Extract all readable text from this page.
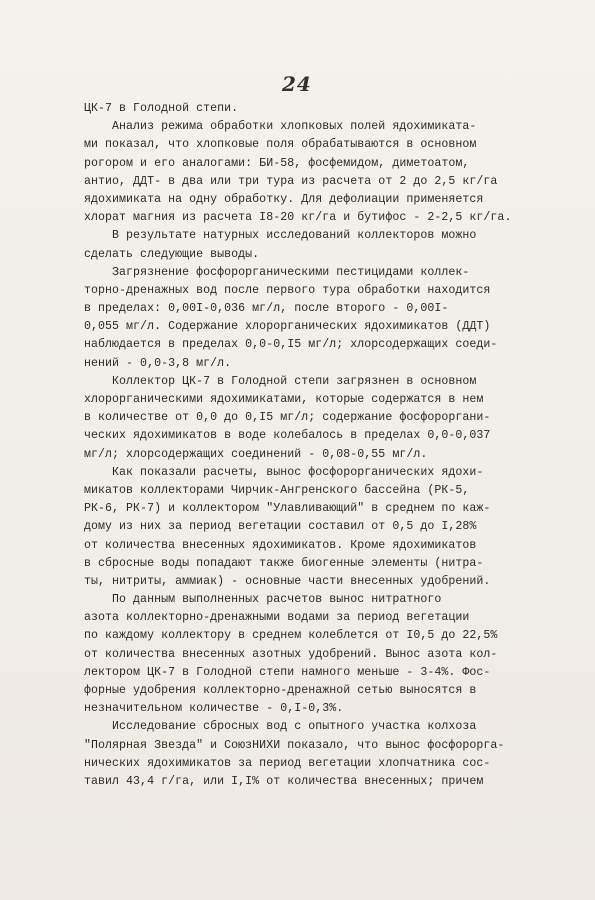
24
ЦК-7 в Голодной степи.
Анализ режима обработки хлопковых полей ядохимиката-
ми показал, что хлопковые поля обрабатываются в основном
рогором и его аналогами: БИ-58, фосфемидом, диметоатом,
антио, ДДТ- в два или три тура из расчета от 2 до 2,5 кг/га
ядохимиката на одну обработку. Для дефолиации применяется
хлорат магния из расчета I8-20 кг/га и бутифос - 2-2,5 кг/га.
В результате натурных исследований коллекторов можно
сделать следующие выводы.
Загрязнение фосфорорганическими пестицидами коллек-
торно-дренажных вод после первого тура обработки находится
в пределах: 0,00I-0,036 мг/л, после второго - 0,00I-
0,055 мг/л. Содержание хлорорганических ядохимикатов (ДДТ)
наблюдается в пределах 0,0-0,I5 мг/л; хлорсодержащих соеди-
нений - 0,0-3,8 мг/л.
Коллектор ЦК-7 в Голодной степи загрязнен в основном
хлорорганическими ядохимикатами, которые содержатся в нем
в количестве от 0,0 до 0,I5 мг/л; содержание фосфороргани-
ческих ядохимикатов в воде колебалось в пределах 0,0-0,037
мг/л; хлорсодержащих соединений - 0,08-0,55 мг/л.
Как показали расчеты, вынос фосфорорганических ядохи-
микатов коллекторами Чирчик-Ангренского бассейна (РК-5,
РК-6, РК-7) и коллектором "Улавливающий" в среднем по каж-
дому из них за период вегетации составил от 0,5 до I,28%
от количества внесенных ядохимикатов. Кроме ядохимикатов
в сбросные воды попадают также биогенные элементы (нитра-
ты, нитриты, аммиак) - основные части внесенных удобрений.
По данным выполненных расчетов вынос нитратного
азота коллекторно-дренажными водами за период вегетации
по каждому коллектору в среднем колеблется от I0,5 до 22,5%
от количества внесенных азотных удобрений. Вынос азота кол-
лектором ЦК-7 в Голодной степи намного меньше - 3-4%. Фос-
форные удобрения коллекторно-дренажной сетью выносятся в
незначительном количестве - 0,I-0,3%.
Исследование сбросных вод с опытного участка колхоза
"Полярная Звезда" и СоюзНИХИ показало, что вынос фосфороргa-
нических ядохимикатов за период вегетации хлопчатника сос-
тавил 43,4 г/га, или I,I% от количества внесенных; причем
